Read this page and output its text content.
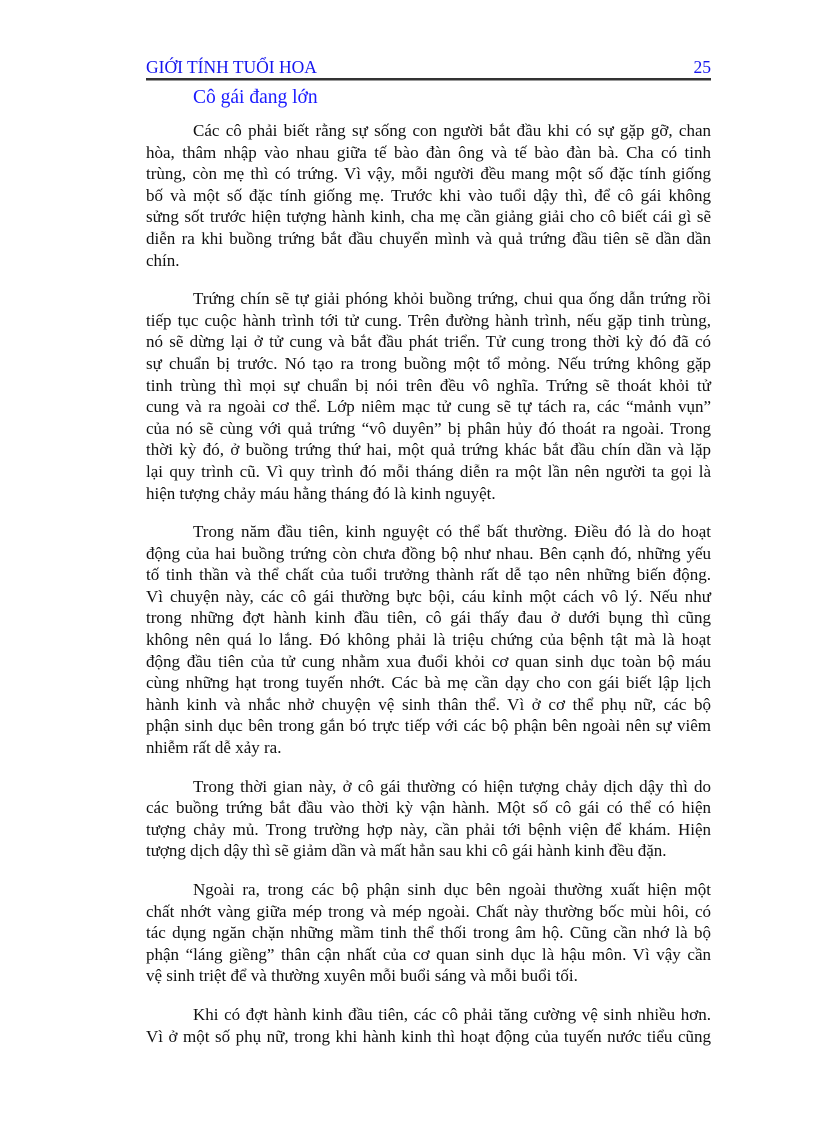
GIỚI TÍNH TUỔI HOA	25
Cô gái đang lớn
Các cô phải biết rằng sự sống con người bắt đầu khi có sự gặp gỡ, chan
hòa, thâm nhập vào nhau giữa tế bào đàn ông và tế bào đàn bà. Cha có tinh
trùng, còn mẹ thì có trứng. Vì vậy, mỗi người đều mang một số đặc tính giống
bố và một số đặc tính giống mẹ. Trước khi vào tuổi dậy thì, để cô gái không
sửng sốt trước hiện tượng hành kinh, cha mẹ cần giảng giải cho cô biết cái gì sẽ
diễn ra khi buồng trứng bắt đầu chuyển mình và quả trứng đầu tiên sẽ dần dần
chín.
Trứng chín sẽ tự giải phóng khỏi buồng trứng, chui qua ống dẫn trứng rồi
tiếp tục cuộc hành trình tới tử cung. Trên đường hành trình, nếu gặp tinh trùng,
nó sẽ dừng lại ở tử cung và bắt đầu phát triển. Tử cung trong thời kỳ đó đã có
sự chuẩn bị trước. Nó tạo ra trong buồng một tổ mỏng. Nếu trứng không gặp
tinh trùng thì mọi sự chuẩn bị nói trên đều vô nghĩa. Trứng sẽ thoát khỏi tử
cung và ra ngoài cơ thể. Lớp niêm mạc tử cung sẽ tự tách ra, các “mảnh vụn”
của nó sẽ cùng với quả trứng “vô duyên” bị phân hủy đó thoát ra ngoài. Trong
thời kỳ đó, ở buồng trứng thứ hai, một quả trứng khác bắt đầu chín dần và lặp
lại quy trình cũ. Vì quy trình đó mỗi tháng diễn ra một lần nên người ta gọi là
hiện tượng chảy máu hằng tháng đó là kinh nguyệt.
Trong năm đầu tiên, kinh nguyệt có thể bất thường. Điều đó là do hoạt
động của hai buồng trứng còn chưa đồng bộ như nhau. Bên cạnh đó, những yếu
tố tinh thần và thể chất của tuổi trưởng thành rất dễ tạo nên những biến động.
Vì chuyện này, các cô gái thường bực bội, cáu kỉnh một cách vô lý. Nếu như
trong những đợt hành kinh đầu tiên, cô gái thấy đau ở dưới bụng thì cũng
không nên quá lo lắng. Đó không phải là triệu chứng của bệnh tật mà là hoạt
động đầu tiên của tử cung nhằm xua đuổi khỏi cơ quan sinh dục toàn bộ máu
cùng những hạt trong tuyến nhớt. Các bà mẹ cần dạy cho con gái biết lập lịch
hành kinh và nhắc nhở chuyện vệ sinh thân thể. Vì ở cơ thể phụ nữ, các bộ
phận sinh dục bên trong gắn bó trực tiếp với các bộ phận bên ngoài nên sự viêm
nhiễm rất dễ xảy ra.
Trong thời gian này, ở cô gái thường có hiện tượng chảy dịch dậy thì do
các buồng trứng bắt đầu vào thời kỳ vận hành. Một số cô gái có thể có hiện
tượng chảy mủ. Trong trường hợp này, cần phải tới bệnh viện để khám. Hiện
tượng dịch dậy thì sẽ giảm dần và mất hẳn sau khi cô gái hành kinh đều đặn.
Ngoài ra, trong các bộ phận sinh dục bên ngoài thường xuất hiện một
chất nhớt vàng giữa mép trong và mép ngoài. Chất này thường bốc mùi hôi, có
tác dụng ngăn chặn những mầm tinh thể thối trong âm hộ. Cũng cần nhớ là bộ
phận “láng giềng” thân cận nhất của cơ quan sinh dục là hậu môn. Vì vậy cần
vệ sinh triệt để và thường xuyên mỗi buổi sáng và mỗi buổi tối.
Khi có đợt hành kinh đầu tiên, các cô phải tăng cường vệ sinh nhiều hơn.
Vì ở một số phụ nữ, trong khi hành kinh thì hoạt động của tuyến nước tiểu cũng
